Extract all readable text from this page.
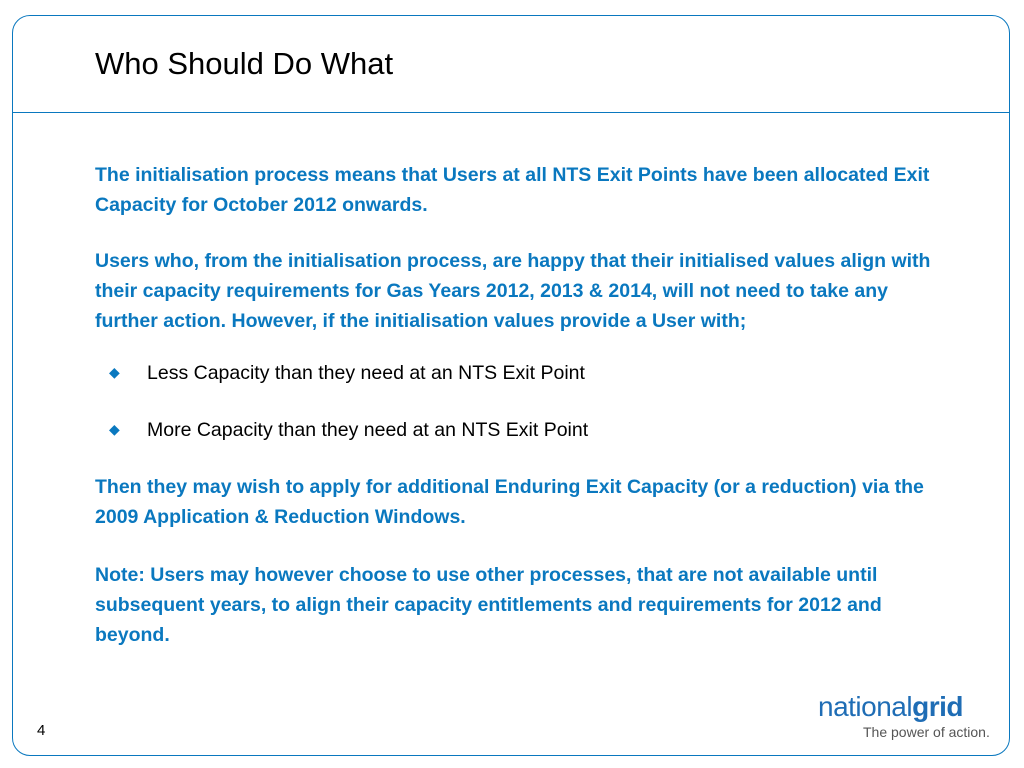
Who Should Do What

The initialisation process means that Users at all NTS Exit Points have been allocated Exit Capacity for October 2012 onwards.

Users who, from the initialisation process, are happy that their initialised values align with their capacity requirements for Gas Years 2012, 2013 & 2014, will not need to take any further action. However, if the initialisation values provide a User with;

◆ Less Capacity than they need at an NTS Exit Point
◆ More Capacity than they need at an NTS Exit Point

Then they may wish to apply for additional Enduring Exit Capacity (or a reduction) via the 2009 Application & Reduction Windows.

Note: Users may however choose to use other processes, that are not available until subsequent years, to align their capacity entitlements and requirements for 2012 and beyond.

4
nationalgrid
The power of action.
